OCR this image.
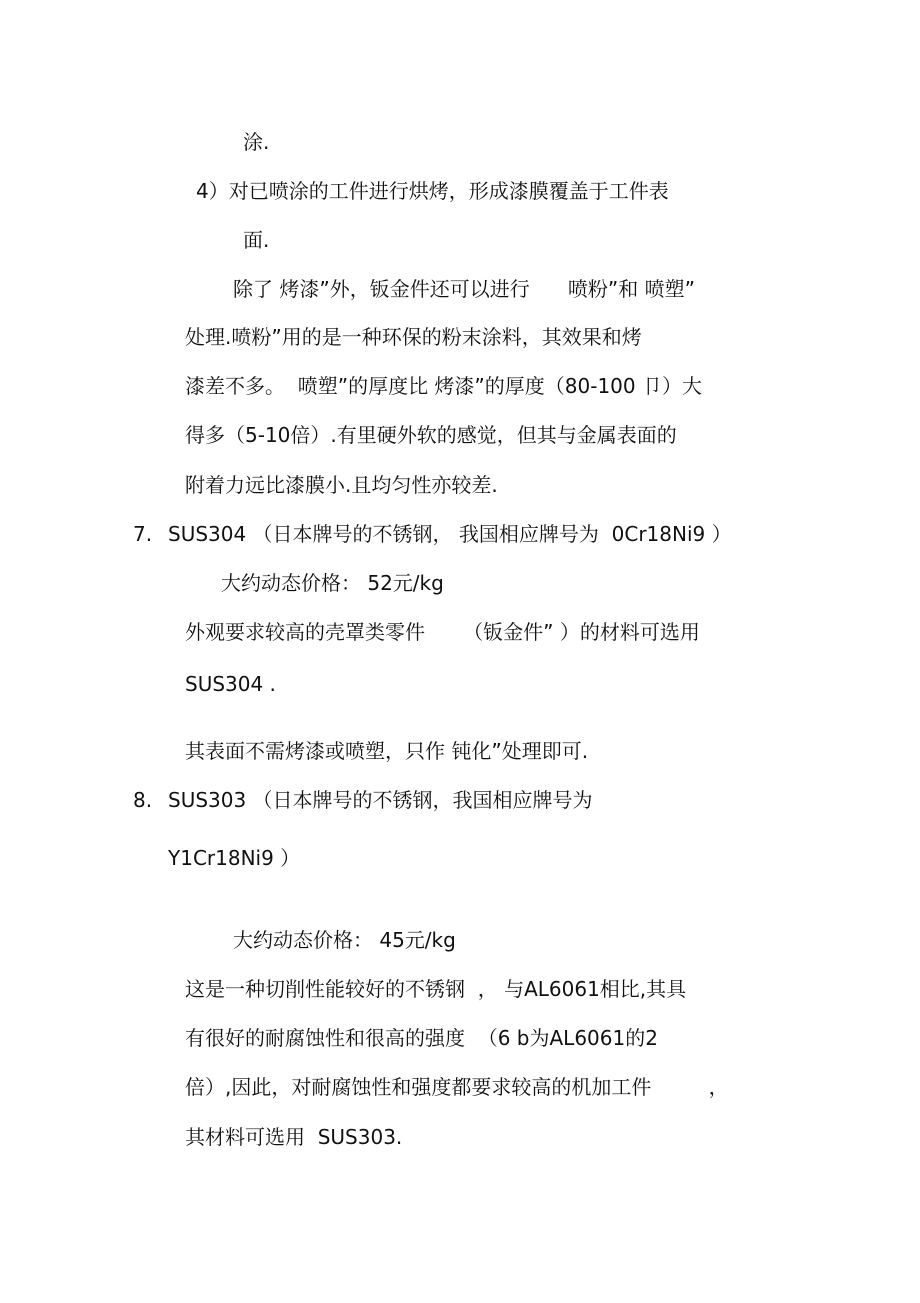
涂.

4）对已喷涂的工件进行烘烤，形成漆膜覆盖于工件表

面.

除了 烤漆”外，钣金件还可以进行      喷粉”和 喷塑”

处理.喷粉”用的是一种环保的粉末涂料，其效果和烤

漆差不多。  喷塑”的厚度比 烤漆”的厚度（80-100 卩）大

得多（5-10倍）.有里硬外软的感觉，但其与金属表面的

附着力远比漆膜小.且均匀性亦较差.

7. SUS304 （日本牌号的不锈钢， 我国相应牌号为  0Cr18Ni9 ）

大约动态价格： 52元/kg

外观要求较高的壳罩类零件      （钣金件” ）的材料可选用

SUS304 .

其表面不需烤漆或喷塑，只作 钝化”处理即可.

8. SUS303 （日本牌号的不锈钢，我国相应牌号为

Y1Cr18Ni9 ）

大约动态价格： 45元/kg

这是一种切削性能较好的不锈钢  ， 与AL6061相比,其具

有很好的耐腐蚀性和很高的强度  （6 b为AL6061的2

倍）,因此，对耐腐蚀性和强度都要求较高的机加工件         ，

其材料可选用  SUS303.
